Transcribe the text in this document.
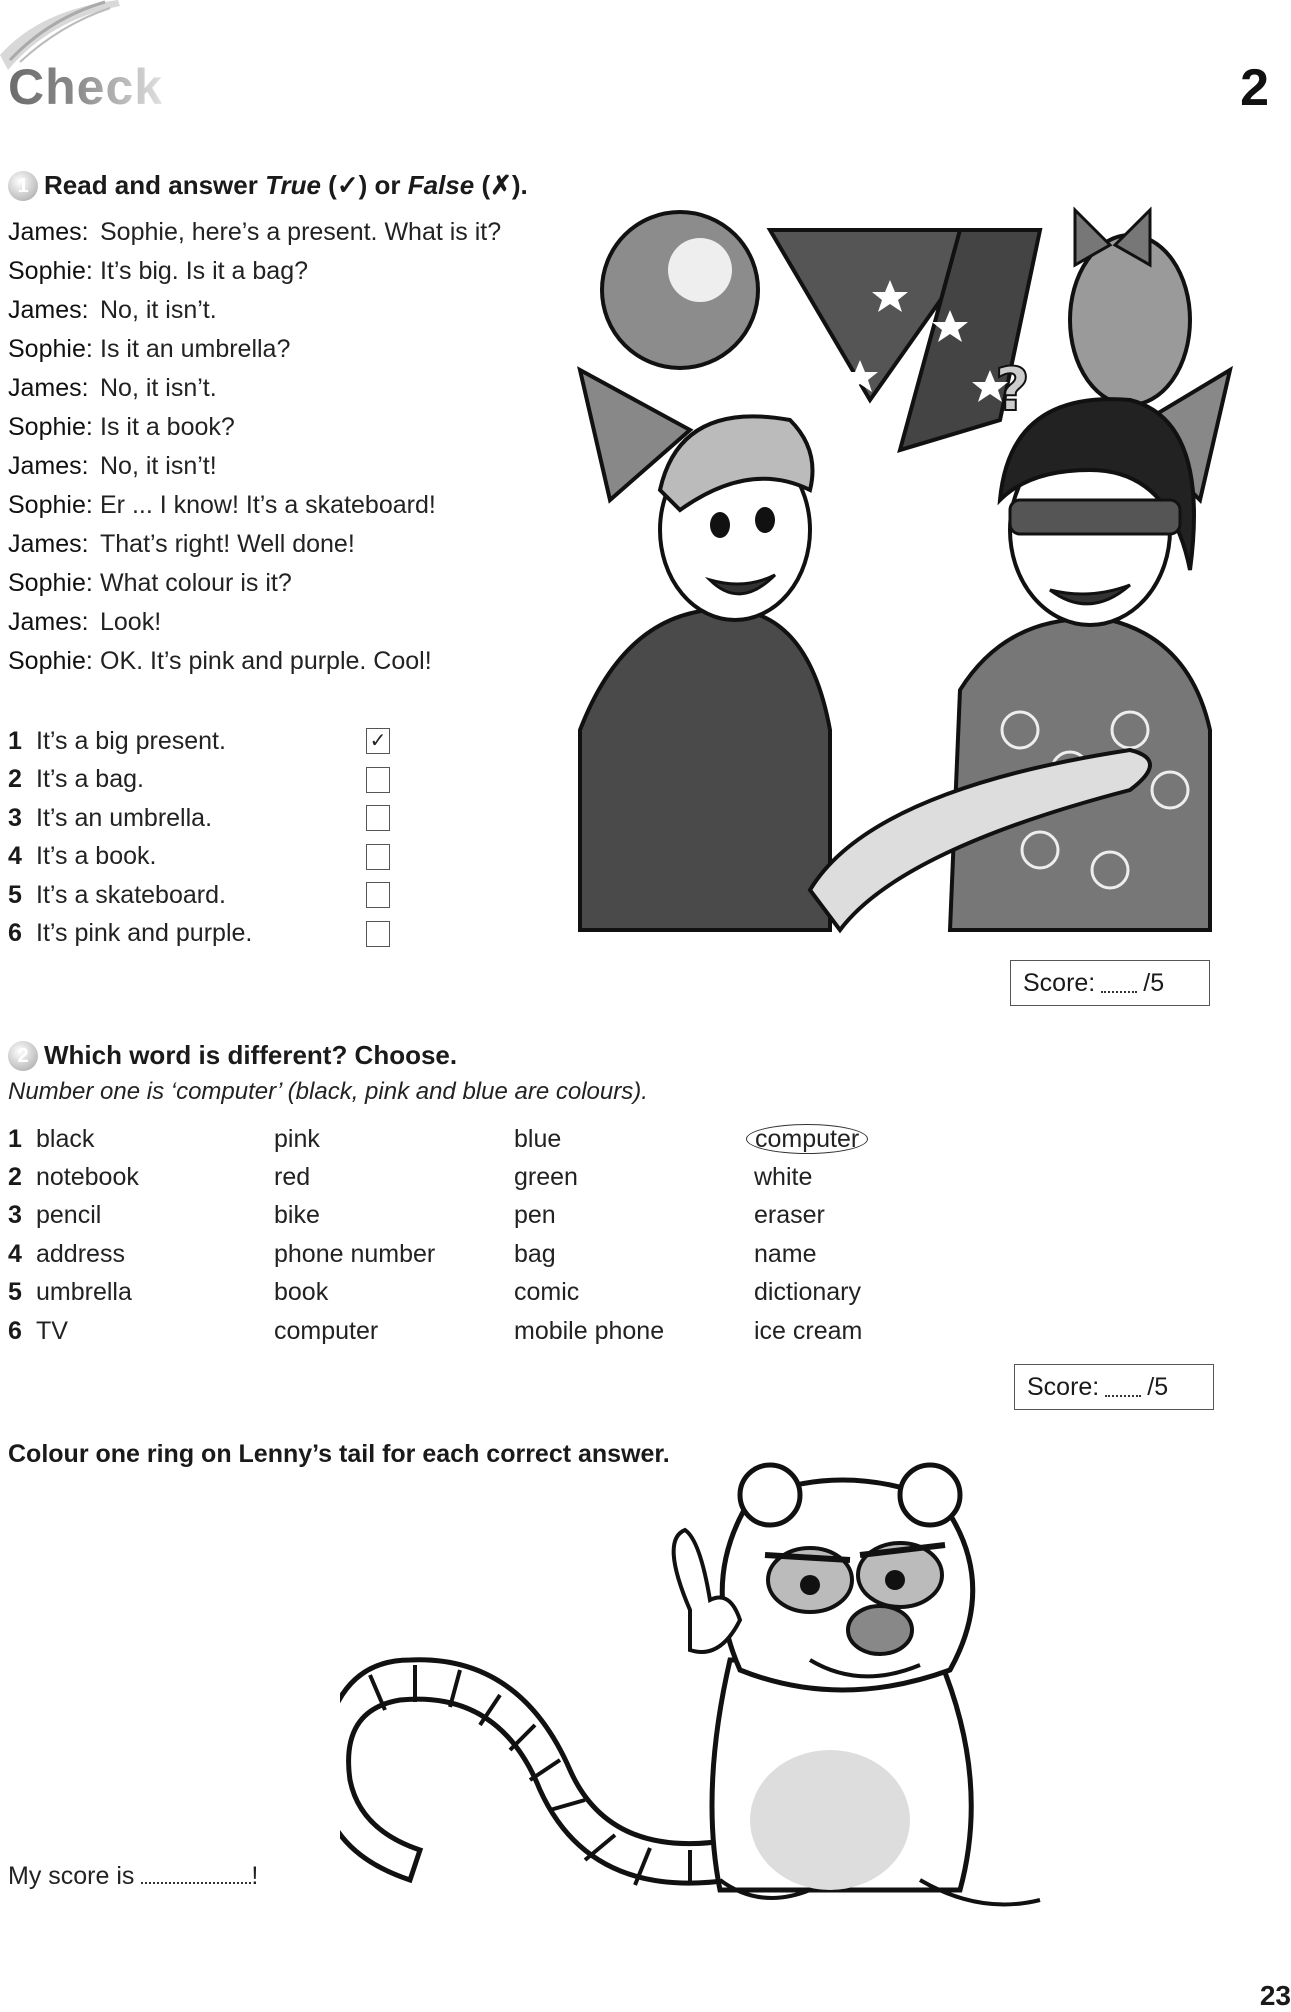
Check	2
1 Read and answer True (✓) or False (✗).
James: Sophie, here’s a present. What is it?
Sophie: It’s big. Is it a bag?
James: No, it isn’t.
Sophie: Is it an umbrella?
James: No, it isn’t.
Sophie: Is it a book?
James: No, it isn’t!
Sophie: Er ... I know! It’s a skateboard!
James: That’s right! Well done!
Sophie: What colour is it?
James: Look!
Sophie: OK. It’s pink and purple. Cool!
?
1 It’s a big present.	✓
2 It’s a bag.
3 It’s an umbrella.
4 It’s a book.
5 It’s a skateboard.
6 It’s pink and purple.
Score: /5
2 Which word is different? Choose.
Number one is ‘computer’ (black, pink and blue are colours).
1 black	pink	blue	computer
2 notebook	red	green	white
3 pencil	bike	pen	eraser
4 address	phone number	bag	name
5 umbrella	book	comic	dictionary
6 TV	computer	mobile phone	ice cream
Score: /5
Colour one ring on Lenny’s tail for each correct answer.
My score is	!
23
